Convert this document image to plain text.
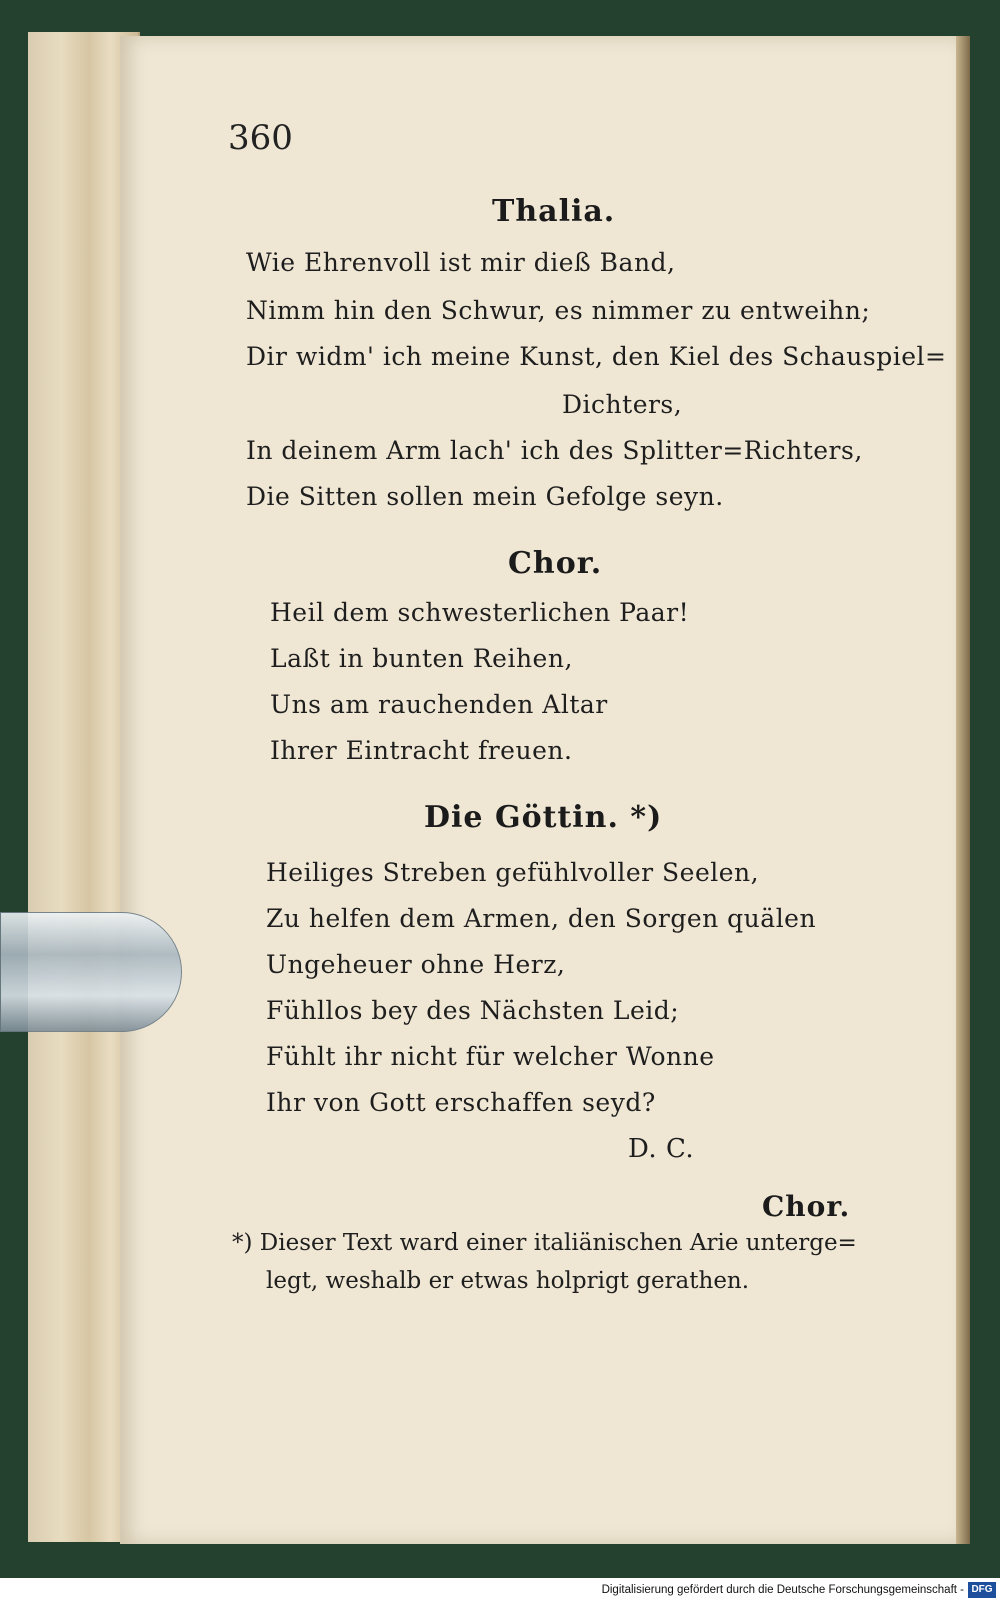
360
Thalia.
Wie Ehrenvoll ist mir dieß Band,
Nimm hin den Schwur, es nimmer zu entweihn;
Dir widm' ich meine Kunst, den Kiel des Schauspiel=
Dichters,
In deinem Arm lach' ich des Splitter=Richters,
Die Sitten sollen mein Gefolge seyn.
Chor.
Heil dem schwesterlichen Paar!
Laßt in bunten Reihen,
Uns am rauchenden Altar
Ihrer Eintracht freuen.
Die Göttin. *)
Heiliges Streben gefühlvoller Seelen,
Zu helfen dem Armen, den Sorgen quälen
Ungeheuer ohne Herz,
Fühllos bey des Nächsten Leid;
Fühlt ihr nicht für welcher Wonne
Ihr von Gott erschaffen seyd?
D. C.
Chor.
*) Dieser Text ward einer italiänischen Arie unterge=
legt, weshalb er etwas holprigt gerathen.
Digitalisierung gefördert durch die Deutsche Forschungsgemeinschaft - DFG
